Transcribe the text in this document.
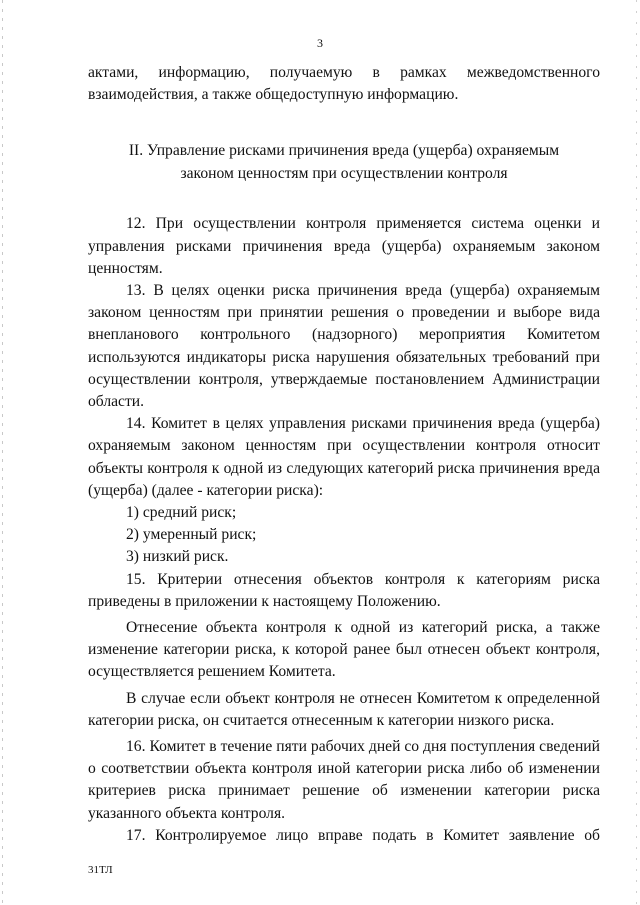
3

актами, информацию, получаемую в рамках межведомственного взаимодействия, а также общедоступную информацию.

II. Управление рисками причинения вреда (ущерба) охраняемым
законом ценностям при осуществлении контроля

12. При осуществлении контроля применяется система оценки и управления рисками причинения вреда (ущерба) охраняемым законом ценностям.

13. В целях оценки риска причинения вреда (ущерба) охраняемым законом ценностям при принятии решения о проведении и выборе вида внепланового контрольного (надзорного) мероприятия Комитетом используются индикаторы риска нарушения обязательных требований при осуществлении контроля, утверждаемые постановлением Администрации области.

14. Комитет в целях управления рисками причинения вреда (ущерба) охраняемым законом ценностям при осуществлении контроля относит объекты контроля к одной из следующих категорий риска причинения вреда (ущерба) (далее - категории риска):

1) средний риск;

2) умеренный риск;

3) низкий риск.

15. Критерии отнесения объектов контроля к категориям риска приведены в приложении к настоящему Положению.

Отнесение объекта контроля к одной из категорий риска, а также изменение категории риска, к которой ранее был отнесен объект контроля, осуществляется решением Комитета.

В случае если объект контроля не отнесен Комитетом к определенной категории риска, он считается отнесенным к категории низкого риска.

16. Комитет в течение пяти рабочих дней со дня поступления сведений о соответствии объекта контроля иной категории риска либо об изменении критериев риска принимает решение об изменении категории риска указанного объекта контроля.

17. Контролируемое лицо вправе подать в Комитет заявление об

31ТЛ
